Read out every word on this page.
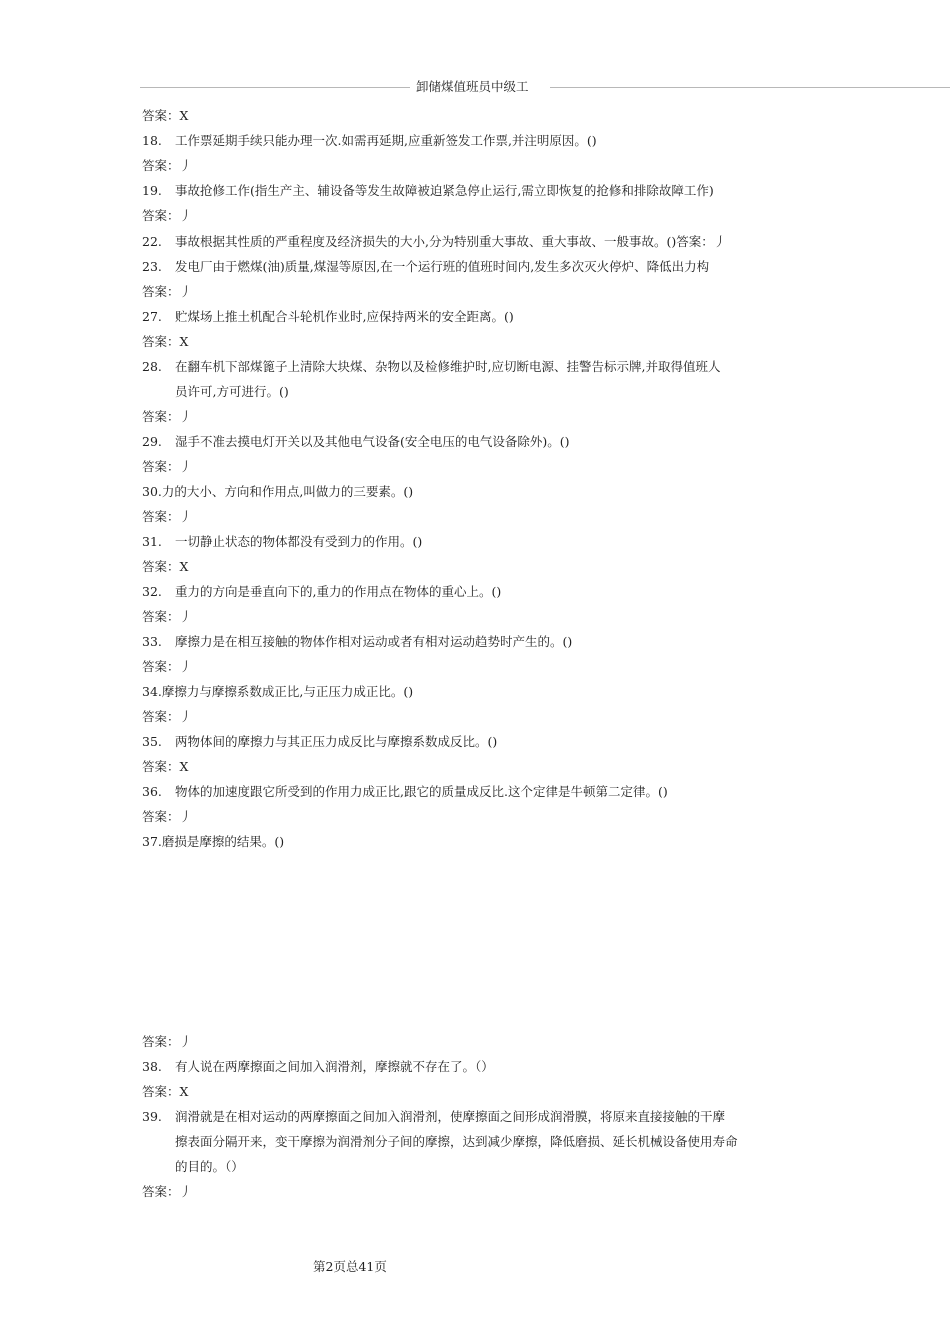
卸储煤值班员中级工
答案：X
18. 工作票延期手续只能办理一次.如需再延期,应重新签发工作票,并注明原因。()
答案：丿
19. 事故抢修工作(指生产主、辅设备等发生故障被迫紧急停止运行,需立即恢复的抢修和排除故障工作)
答案：丿
22. 事故根据其性质的严重程度及经济损失的大小,分为特别重大事故、重大事故、一般事故。()答案：丿
23. 发电厂由于燃煤(油)质量,煤湿等原因,在一个运行班的值班时间内,发生多次灭火停炉、降低出力构
答案：丿
27. 贮煤场上推土机配合斗轮机作业时,应保持两米的安全距离。()
答案：X
28. 在翻车机下部煤篦子上清除大块煤、杂物以及检修维护时,应切断电源、挂警告标示牌,并取得值班人
员许可,方可进行。()
答案：丿
29. 湿手不准去摸电灯开关以及其他电气设备(安全电压的电气设备除外)。()
答案：丿
30.力的大小、方向和作用点,叫做力的三要素。()
答案：丿
31. 一切静止状态的物体都没有受到力的作用。()
答案：X
32. 重力的方向是垂直向下的,重力的作用点在物体的重心上。()
答案：丿
33. 摩擦力是在相互接触的物体作相对运动或者有相对运动趋势时产生的。()
答案：丿
34.摩擦力与摩擦系数成正比,与正压力成正比。()
答案：丿
35. 两物体间的摩擦力与其正压力成反比与摩擦系数成反比。()
答案：X
36. 物体的加速度跟它所受到的作用力成正比,跟它的质量成反比.这个定律是牛顿第二定律。()
答案：丿
37.磨损是摩擦的结果。()
答案：丿
38. 有人说在两摩擦面之间加入润滑剂，摩擦就不存在了。（）
答案：X
39. 润滑就是在相对运动的两摩擦面之间加入润滑剂，使摩擦面之间形成润滑膜，将原来直接接触的干摩
擦表面分隔开来，变干摩擦为润滑剂分子间的摩擦，达到减少摩擦，降低磨损、延长机械设备使用寿命
的目的。（）
答案：丿
第2页总41页
